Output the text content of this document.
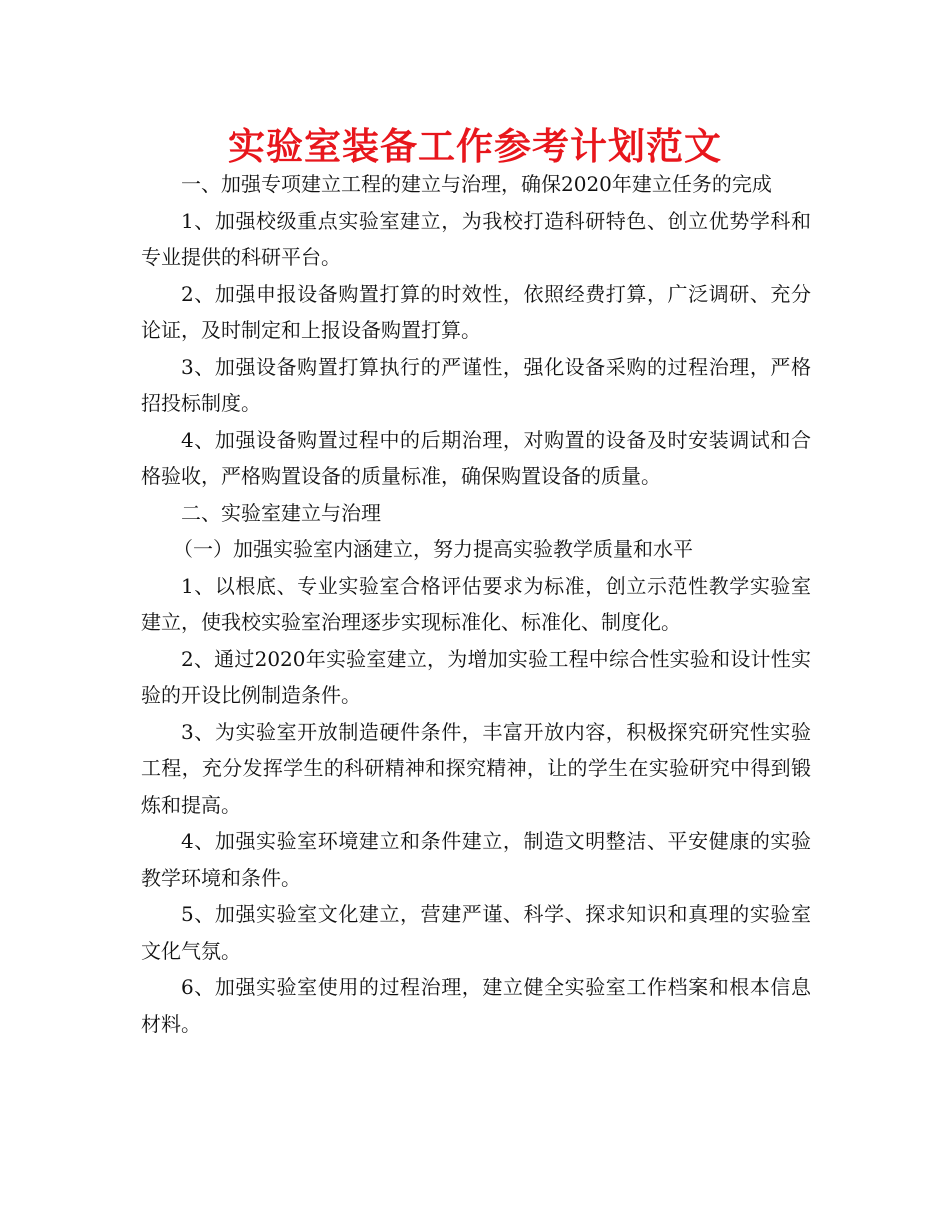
实验室装备工作参考计划范文

一、加强专项建立工程的建立与治理，确保2020年建立任务的完成

1、加强校级重点实验室建立，为我校打造科研特色、创立优势学科和专业提供的科研平台。

2、加强申报设备购置打算的时效性，依照经费打算，广泛调研、充分论证，及时制定和上报设备购置打算。

3、加强设备购置打算执行的严谨性，强化设备采购的过程治理，严格招投标制度。

4、加强设备购置过程中的后期治理，对购置的设备及时安装调试和合格验收，严格购置设备的质量标准，确保购置设备的质量。

二、实验室建立与治理

（一）加强实验室内涵建立，努力提高实验教学质量和水平

1、以根底、专业实验室合格评估要求为标准，创立示范性教学实验室建立，使我校实验室治理逐步实现标准化、标准化、制度化。

2、通过2020年实验室建立，为增加实验工程中综合性实验和设计性实验的开设比例制造条件。

3、为实验室开放制造硬件条件，丰富开放内容，积极探究研究性实验工程，充分发挥学生的科研精神和探究精神，让的学生在实验研究中得到锻炼和提高。

4、加强实验室环境建立和条件建立，制造文明整洁、平安健康的实验教学环境和条件。

5、加强实验室文化建立，营建严谨、科学、探求知识和真理的实验室文化气氛。

6、加强实验室使用的过程治理，建立健全实验室工作档案和根本信息材料。
